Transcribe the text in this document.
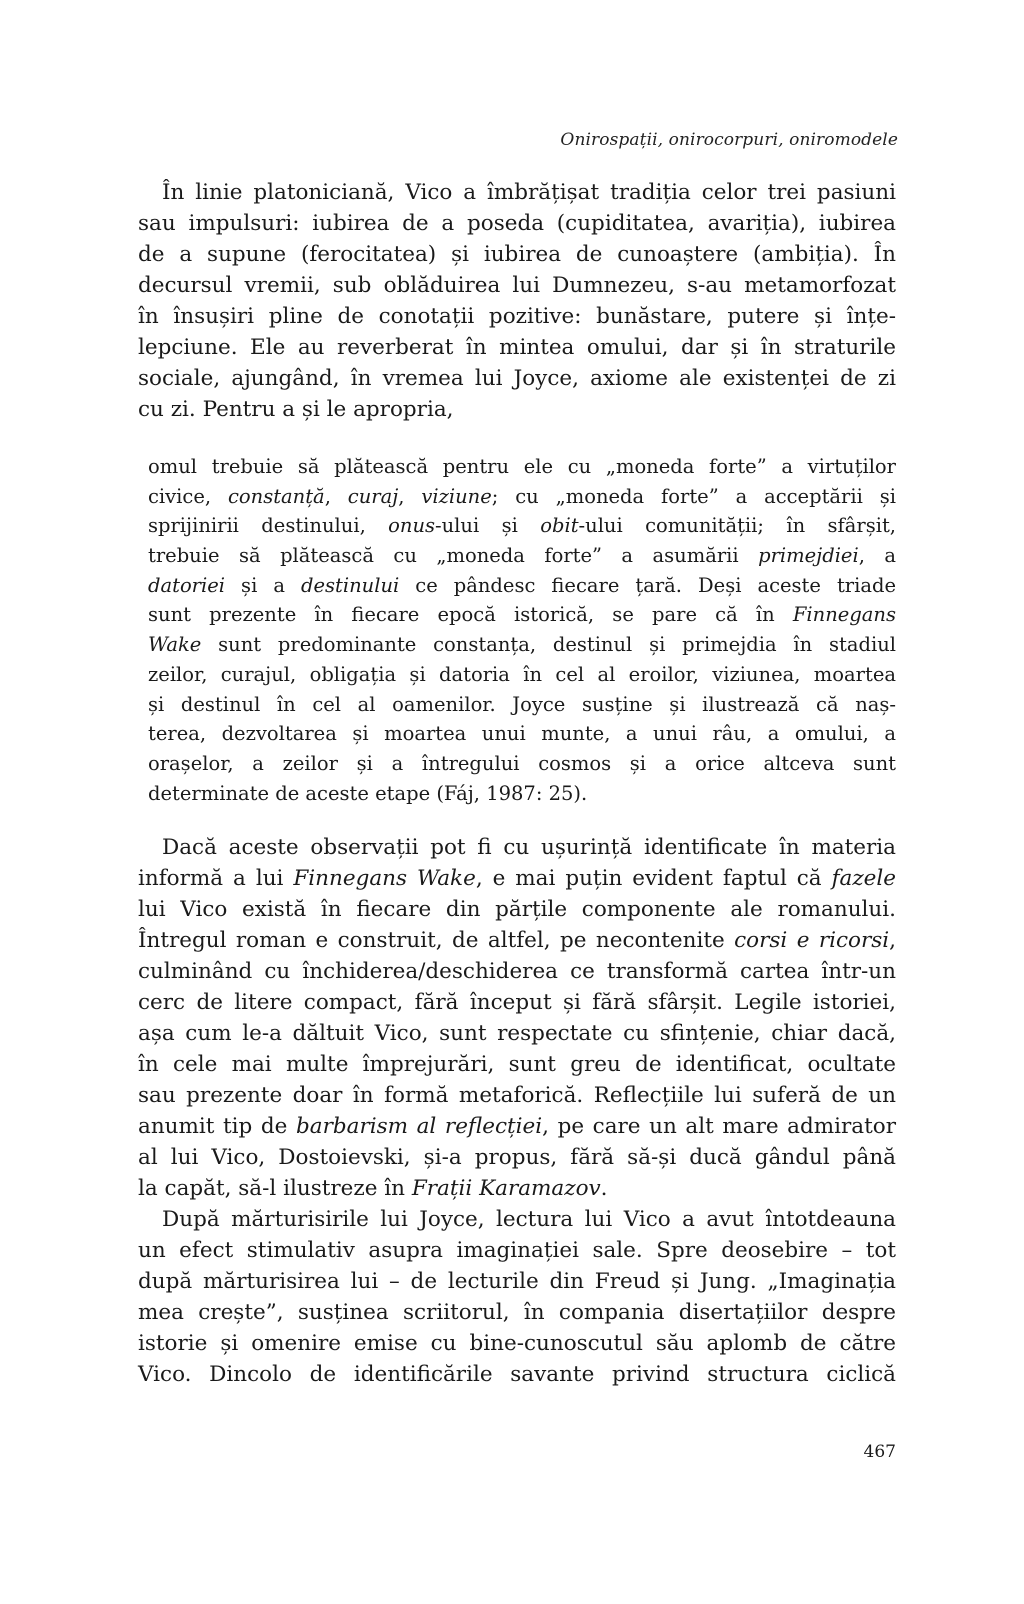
Onirospații, onirocorpuri, oniromodele
În linie platoniciană, Vico a îmbrățișat tradiția celor trei pasiuni
sau impulsuri: iubirea de a poseda (cupiditatea, avariția), iubirea
de a supune (ferocitatea) și iubirea de cunoaștere (ambiția). În
decursul vremii, sub oblăduirea lui Dumnezeu, s-au metamorfozat
în însușiri pline de conotații pozitive: bunăstare, putere și înțe-
lepciune. Ele au reverberat în mintea omului, dar și în straturile
sociale, ajungând, în vremea lui Joyce, axiome ale existenței de zi
cu zi. Pentru a și le apropria,
omul trebuie să plătească pentru ele cu „moneda forte” a virtuților
civice, constanță, curaj, viziune; cu „moneda forte” a acceptării și
sprijinirii destinului, onus-ului și obit-ului comunității; în sfârșit,
trebuie să plătească cu „moneda forte” a asumării primejdiei, a
datoriei și a destinului ce pândesc fiecare țară. Deși aceste triade
sunt prezente în fiecare epocă istorică, se pare că în Finnegans
Wake sunt predominante constanța, destinul și primejdia în stadiul
zeilor, curajul, obligația și datoria în cel al eroilor, viziunea, moartea
și destinul în cel al oamenilor. Joyce susține și ilustrează că naș-
terea, dezvoltarea și moartea unui munte, a unui râu, a omului, a
orașelor, a zeilor și a întregului cosmos și a orice altceva sunt
determinate de aceste etape (Fáj, 1987: 25).
Dacă aceste observații pot fi cu ușurință identificate în materia
informă a lui Finnegans Wake, e mai puțin evident faptul că fazele
lui Vico există în fiecare din părțile componente ale romanului.
Întregul roman e construit, de altfel, pe necontenite corsi e ricorsi,
culminând cu închiderea/deschiderea ce transformă cartea într-un
cerc de litere compact, fără început și fără sfârșit. Legile istoriei,
așa cum le-a dăltuit Vico, sunt respectate cu sfințenie, chiar dacă,
în cele mai multe împrejurări, sunt greu de identificat, ocultate
sau prezente doar în formă metaforică. Reflecțiile lui suferă de un
anumit tip de barbarism al reflecției, pe care un alt mare admirator
al lui Vico, Dostoievski, și-a propus, fără să-și ducă gândul până
la capăt, să-l ilustreze în Frații Karamazov.
După mărturisirile lui Joyce, lectura lui Vico a avut întotdeauna
un efect stimulativ asupra imaginației sale. Spre deosebire – tot
după mărturisirea lui – de lecturile din Freud și Jung. „Imaginația
mea crește”, susținea scriitorul, în compania disertațiilor despre
istorie și omenire emise cu bine-cunoscutul său aplomb de către
Vico. Dincolo de identificările savante privind structura ciclică
467
